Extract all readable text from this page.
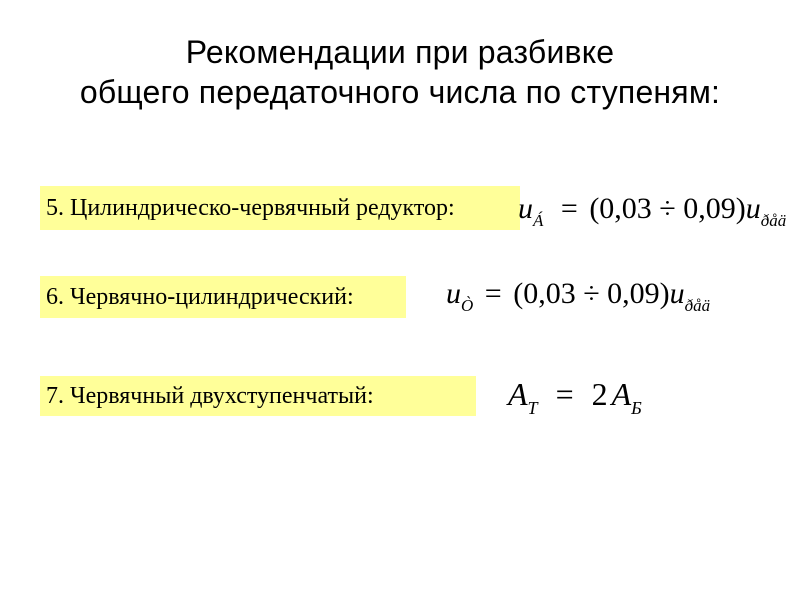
Рекомендации при разбивке
общего передаточного числа по ступеням:
5. Цилиндрическо-червячный редуктор:	$u_Á = (0,03 \div 0,09)u_{ðåä}$
6. Червячно-цилиндрический:	$u_Ò = (0,03 \div 0,09)u_{ðåä}$
7. Червячный двухступенчатый:	$A_Т = 2$ $A_Б$
